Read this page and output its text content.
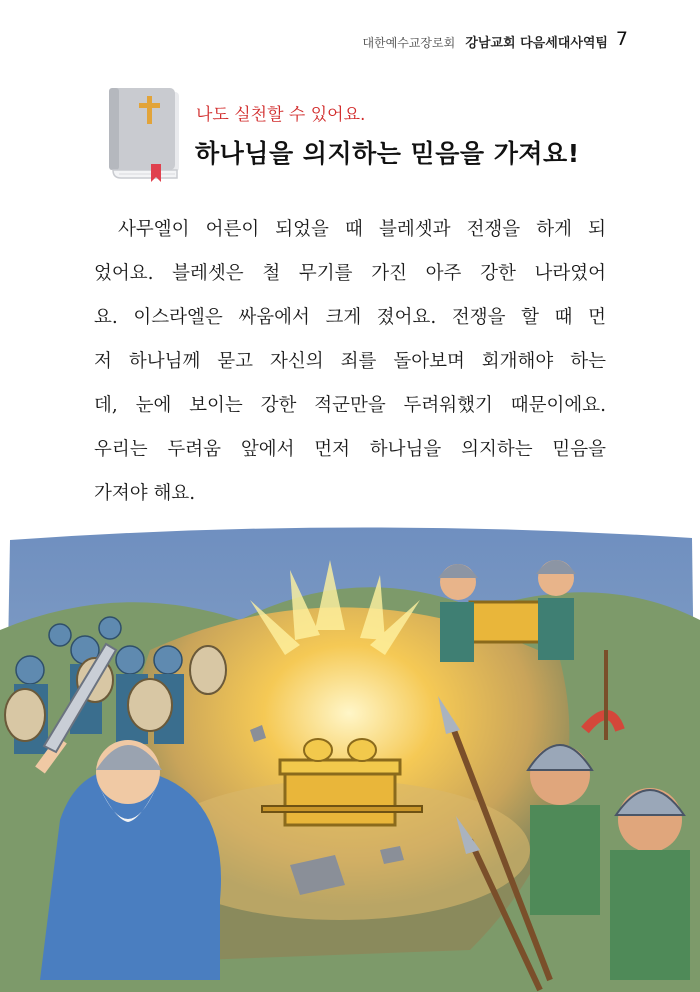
대한예수교장로회 강남교회 다음세대사역팀 7
나도 실천할 수 있어요.
하나님을 의지하는 믿음을 가져요!
사무엘이 어른이 되었을 때 블레셋과 전쟁을 하게 되
었어요. 블레셋은 철 무기를 가진 아주 강한 나라였어
요. 이스라엘은 싸움에서 크게 졌어요. 전쟁을 할 때 먼
저 하나님께 묻고 자신의 죄를 돌아보며 회개해야 하는
데, 눈에 보이는 강한 적군만을 두려워했기 때문이에요.
우리는 두려움 앞에서 먼저 하나님을 의지하는 믿음을
가져야 해요.
